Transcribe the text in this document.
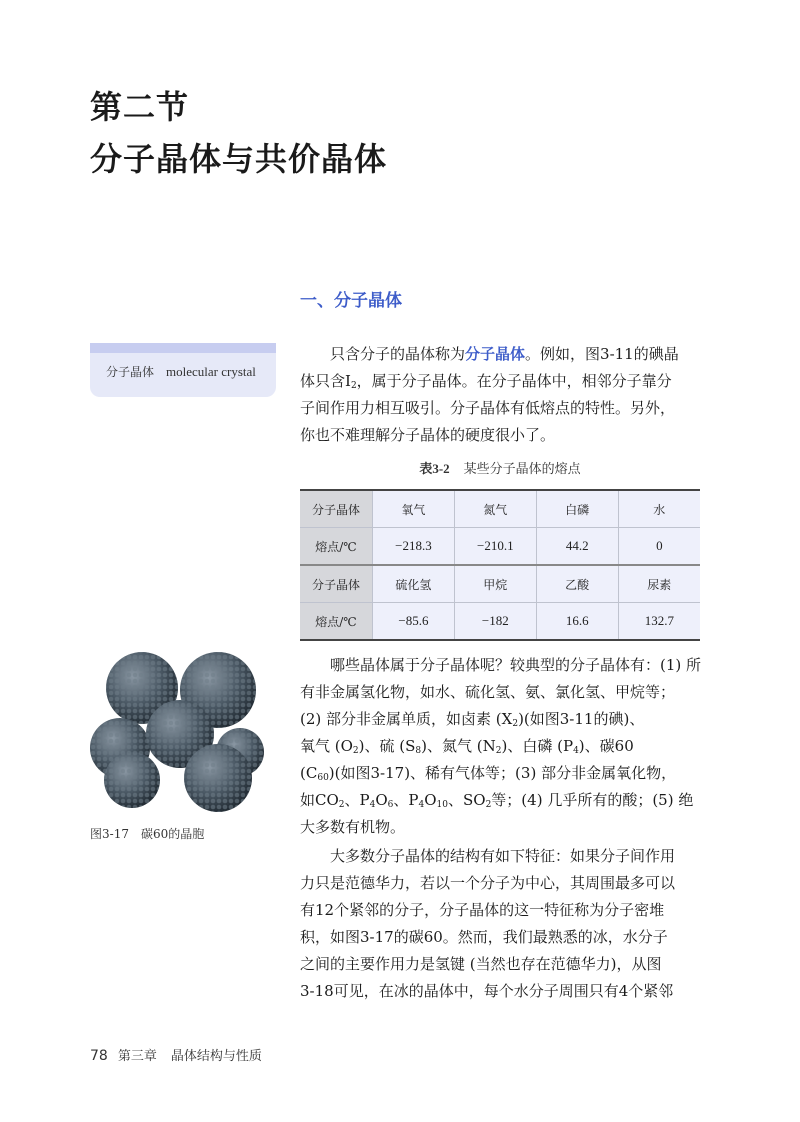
第二节
分子晶体与共价晶体
一、分子晶体
分子晶体 molecular crystal

只含分子的晶体称为分子晶体。例如，图3-11的碘晶
体只含$I_2$，属于分子晶体。在分子晶体中，相邻分子靠分
子间作用力相互吸引。分子晶体有低熔点的特性。另外，
你也不难理解分子晶体的硬度很小了。

表3-2 某些分子晶体的熔点
分子晶体	氧气	氮气	白磷	水
熔点/℃	−218.3	−210.1	44.2	0
分子晶体	硫化氢	甲烷	乙酸	尿素
熔点/℃	−85.6	−182	16.6	132.7
图3-17　碳60的晶胞

哪些晶体属于分子晶体呢？较典型的分子晶体有：(1) 所
有非金属氢化物，如水、硫化氢、氨、氯化氢、甲烷等；
(2) 部分非金属单质，如卤素 $(X_2)$(如图3-11的碘)、
氧气 $(O_2)$、硫 $(S_8)$、氮气 $(N_2)$、白磷 $(P_4)$、碳60
$(C_{60})$(如图3-17)、稀有气体等；(3) 部分非金属氧化物，
如$CO_2$、$P_4O_6$、$P_4O_{10}$、$SO_2$等；(4) 几乎所有的酸；(5) 绝
大多数有机物。

大多数分子晶体的结构有如下特征：如果分子间作用
力只是范德华力，若以一个分子为中心，其周围最多可以
有12个紧邻的分子，分子晶体的这一特征称为分子密堆
积，如图3-17的碳60。然而，我们最熟悉的冰，水分子
之间的主要作用力是氢键 (当然也存在范德华力)，从图
3-18可见，在冰的晶体中，每个水分子周围只有4个紧邻

78 第三章 晶体结构与性质
